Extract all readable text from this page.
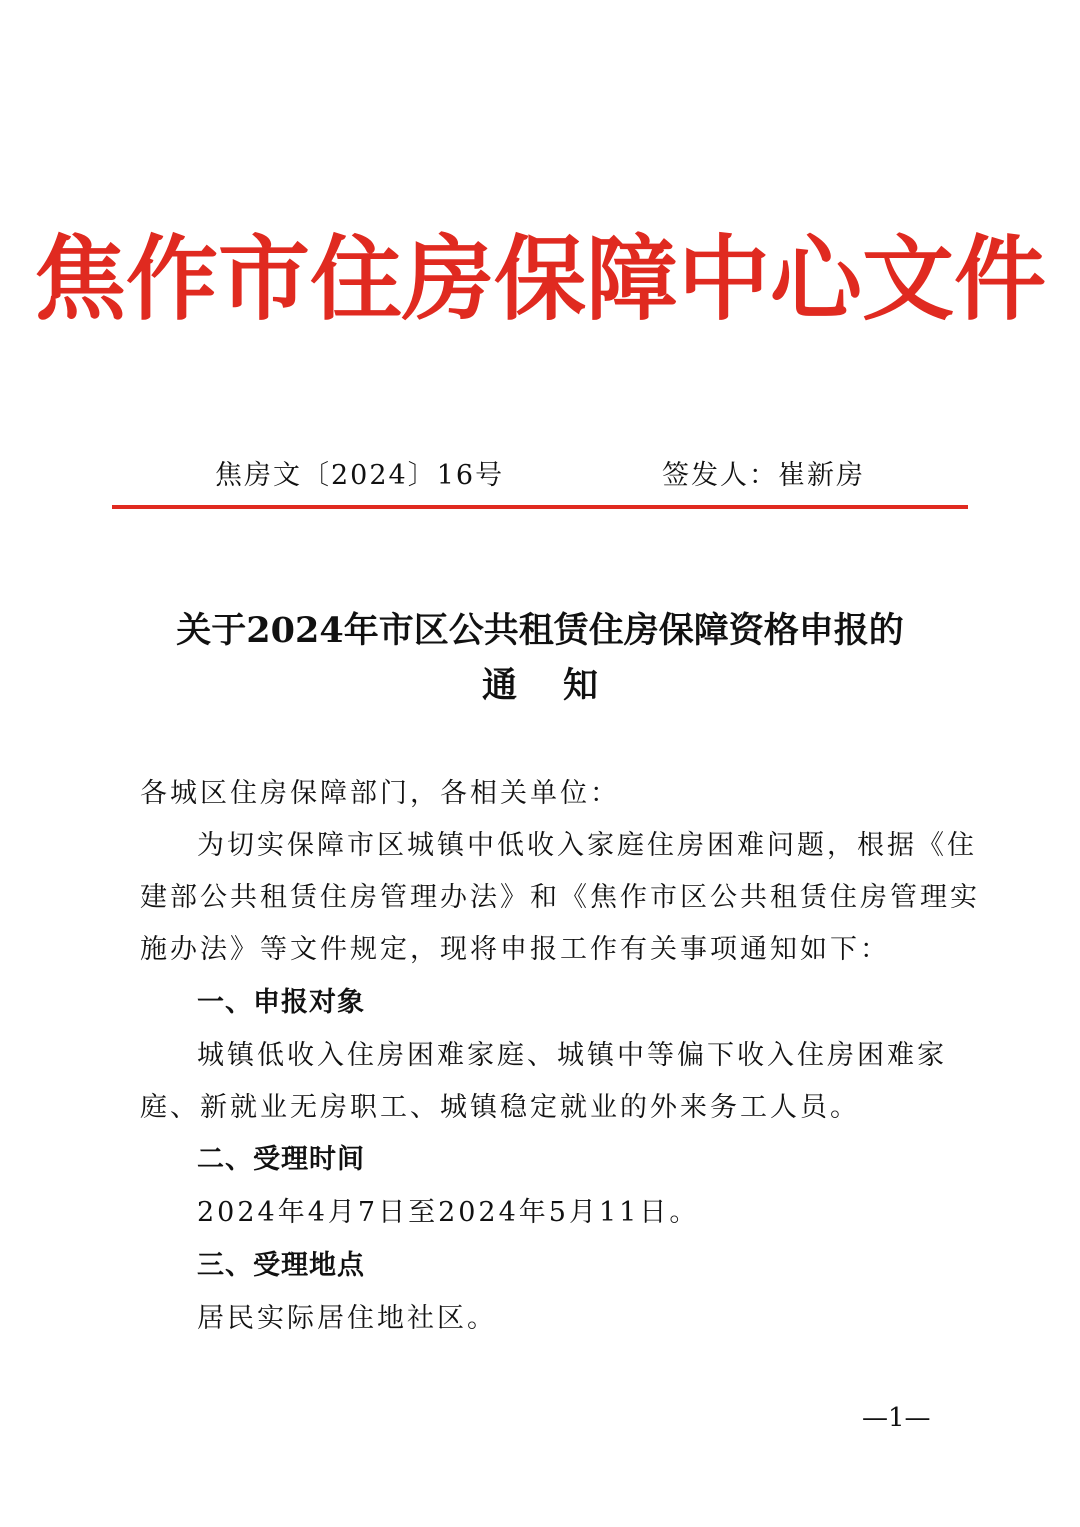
焦作市住房保障中心文件
焦房文〔2024〕16号	签发人：崔新房
关于2024年市区公共租赁住房保障资格申报的
通知
各城区住房保障部门，各相关单位：
为切实保障市区城镇中低收入家庭住房困难问题，根据《住
建部公共租赁住房管理办法》和《焦作市区公共租赁住房管理实
施办法》等文件规定，现将申报工作有关事项通知如下：
一、申报对象
城镇低收入住房困难家庭、城镇中等偏下收入住房困难家
庭、新就业无房职工、城镇稳定就业的外来务工人员。
二、受理时间
2024年4月7日至2024年5月11日。
三、受理地点
居民实际居住地社区。
—1—
